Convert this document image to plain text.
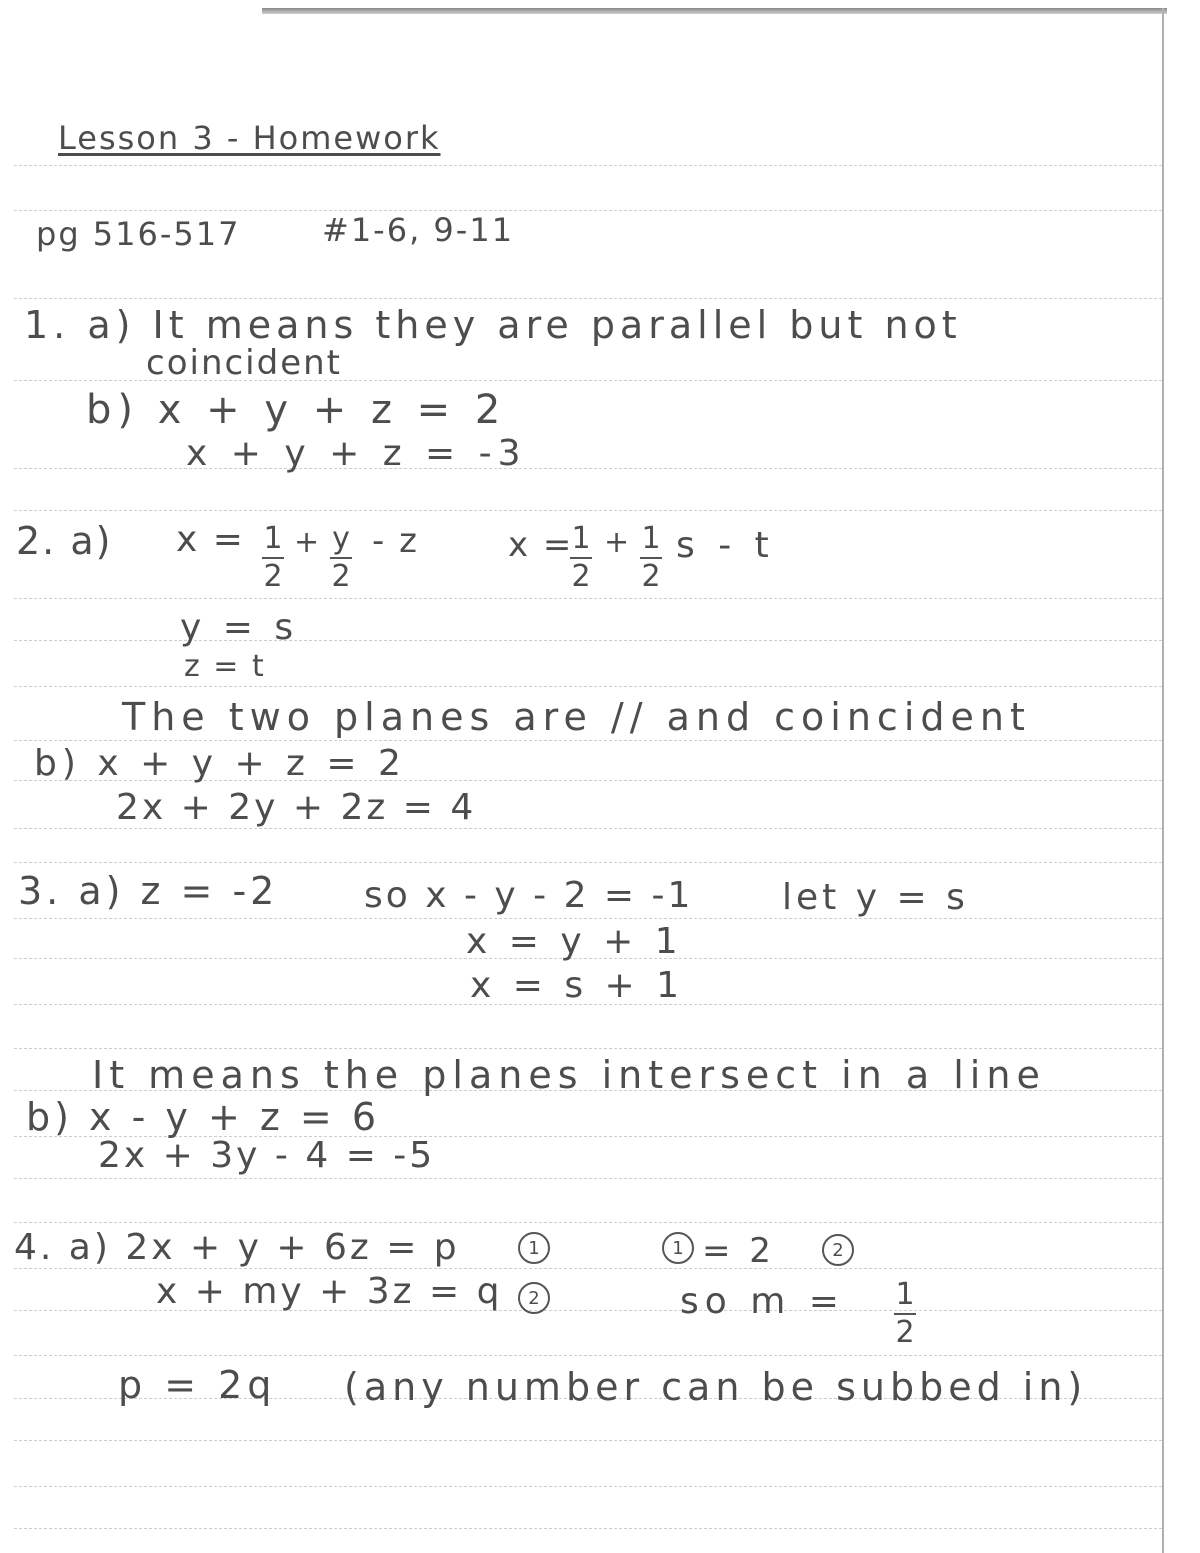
Lesson 3 - Homework
pg 516-517	#1-6, 9-11
1. a) It means they are parallel but not
coincident
b) x + y + z = 2
x + y + z = -3
2. a) x = 1
2
+ y
2
- z	x =
1
2
+ 1
2
s - t
y = s
z = t
The two planes are // and coincident
b) x + y + z = 2
2x + 2y + 2z = 4
3. a) z = -2 so x - y - 2 = -1 let y = s
x = y + 1
x = s + 1
It means the planes intersect in a line
b) x - y + z = 6
2x + 3y - 4 = -5
4. a) 2x + y + 6z = p	1
x + my + 3z = q	2
1 = 2	2
so m = 1
2
p = 2q (any number can be subbed in)
